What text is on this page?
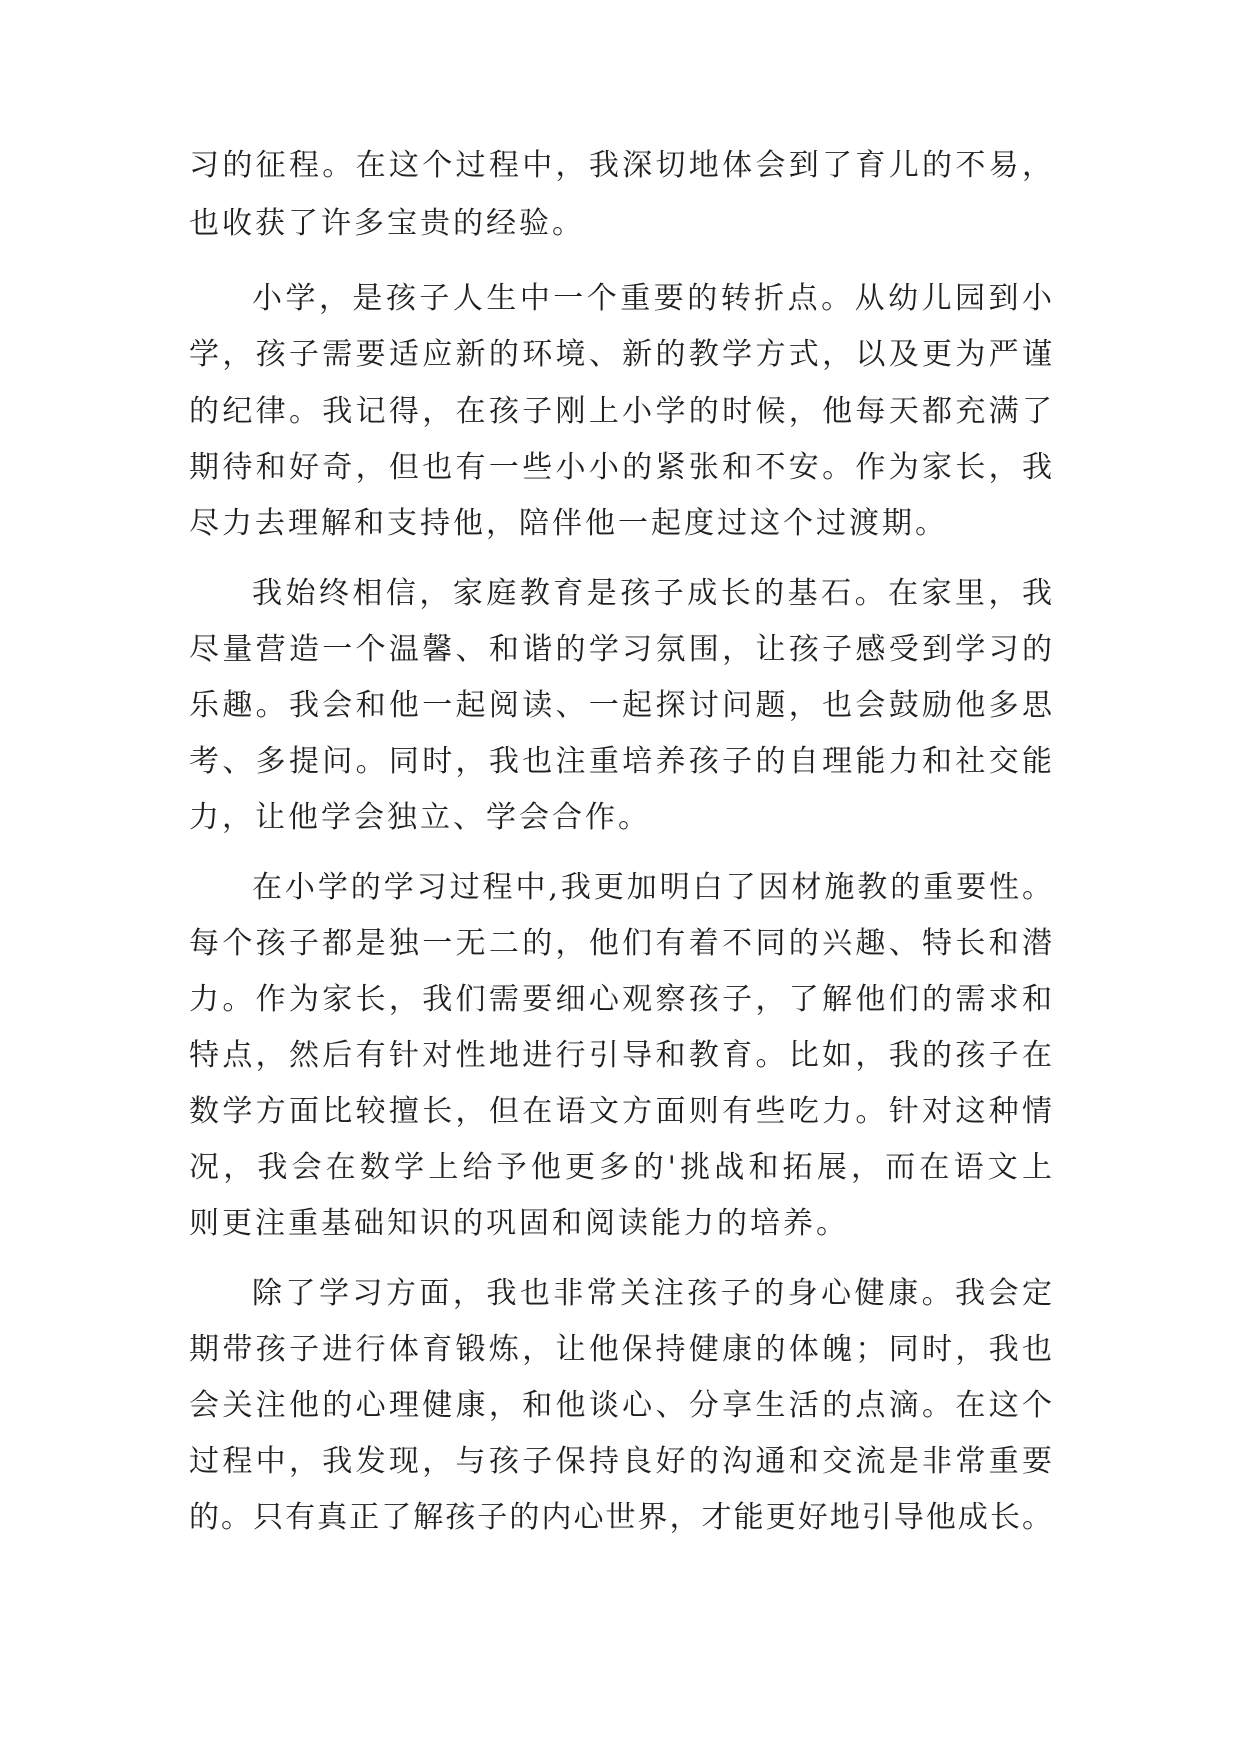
习的征程。在这个过程中，我深切地体会到了育儿的不易，
也收获了许多宝贵的经验。
小学，是孩子人生中一个重要的转折点。从幼儿园到小
学，孩子需要适应新的环境、新的教学方式，以及更为严谨
的纪律。我记得，在孩子刚上小学的时候，他每天都充满了
期待和好奇，但也有一些小小的紧张和不安。作为家长，我
尽力去理解和支持他，陪伴他一起度过这个过渡期。
我始终相信，家庭教育是孩子成长的基石。在家里，我
尽量营造一个温馨、和谐的学习氛围，让孩子感受到学习的
乐趣。我会和他一起阅读、一起探讨问题，也会鼓励他多思
考、多提问。同时，我也注重培养孩子的自理能力和社交能
力，让他学会独立、学会合作。
在小学的学习过程中,我更加明白了因材施教的重要性。
每个孩子都是独一无二的，他们有着不同的兴趣、特长和潜
力。作为家长，我们需要细心观察孩子，了解他们的需求和
特点，然后有针对性地进行引导和教育。比如，我的孩子在
数学方面比较擅长，但在语文方面则有些吃力。针对这种情
况，我会在数学上给予他更多的'挑战和拓展，而在语文上
则更注重基础知识的巩固和阅读能力的培养。
除了学习方面，我也非常关注孩子的身心健康。我会定
期带孩子进行体育锻炼，让他保持健康的体魄；同时，我也
会关注他的心理健康，和他谈心、分享生活的点滴。在这个
过程中，我发现，与孩子保持良好的沟通和交流是非常重要
的。只有真正了解孩子的内心世界，才能更好地引导他成长。
